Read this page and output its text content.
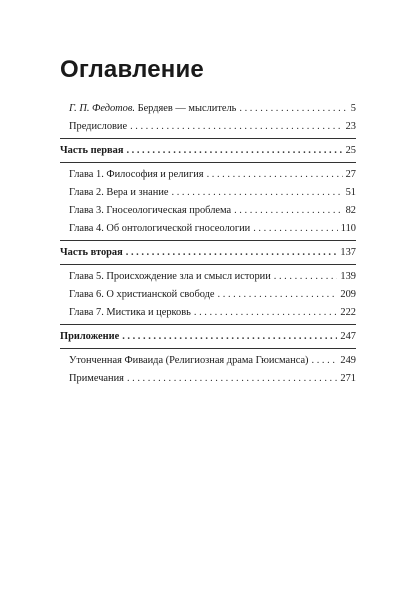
Оглавление
Г. П. Федотов. Бердяев — мыслитель . . .	5
Предисловие . . .	23
Часть первая . . .	25
Глава 1. Философия и религия . . .	27
Глава 2. Вера и знание . . .	51
Глава 3. Гносеологическая проблема . . .	82
Глава 4. Об онтологической гносеологии . . .	110
Часть вторая . . .	137
Глава 5. Происхождение зла и смысл истории . . .	139
Глава 6. О христианской свободе . . .	209
Глава 7. Мистика и церковь . . .	222
Приложение . . .	247
Утонченная Фиваида (Религиозная драма Гюисманса) . . .	249
Примечания . . .	271
